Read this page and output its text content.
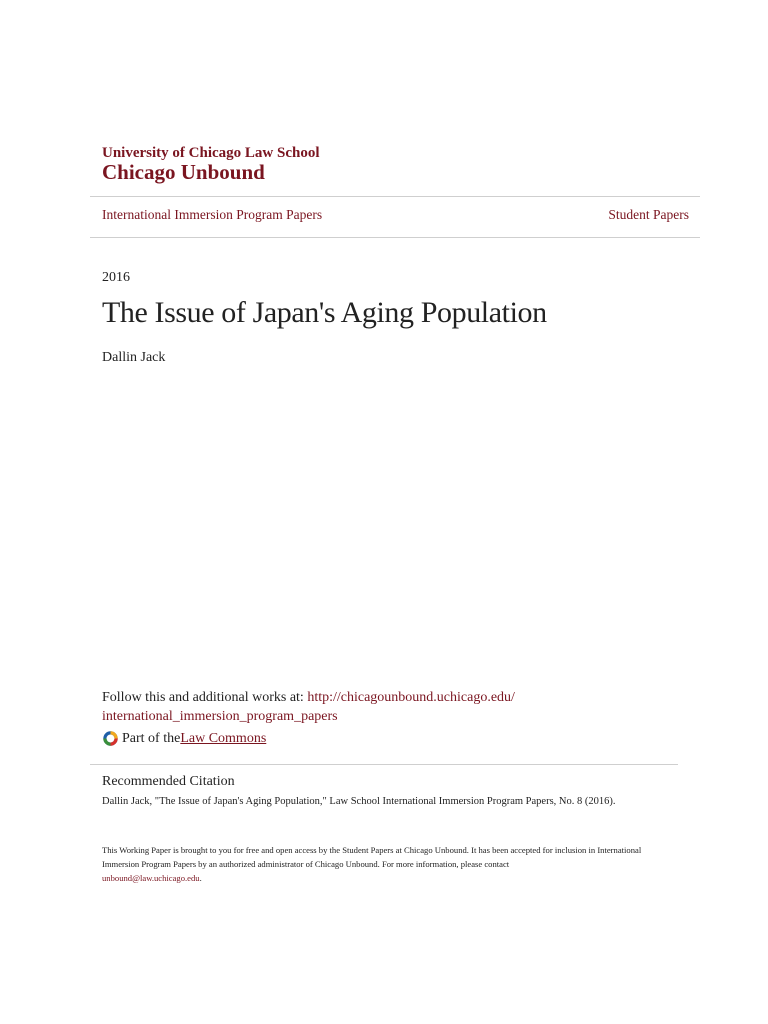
University of Chicago Law School
Chicago Unbound
International Immersion Program Papers	Student Papers
2016
The Issue of Japan's Aging Population
Dallin Jack
Follow this and additional works at: http://chicagounbound.uchicago.edu/
international_immersion_program_papers
Part of the Law Commons
Recommended Citation
Dallin Jack, "The Issue of Japan's Aging Population," Law School International Immersion Program Papers, No. 8 (2016).
This Working Paper is brought to you for free and open access by the Student Papers at Chicago Unbound. It has been accepted for inclusion in International Immersion Program Papers by an authorized administrator of Chicago Unbound. For more information, please contact
unbound@law.uchicago.edu.
